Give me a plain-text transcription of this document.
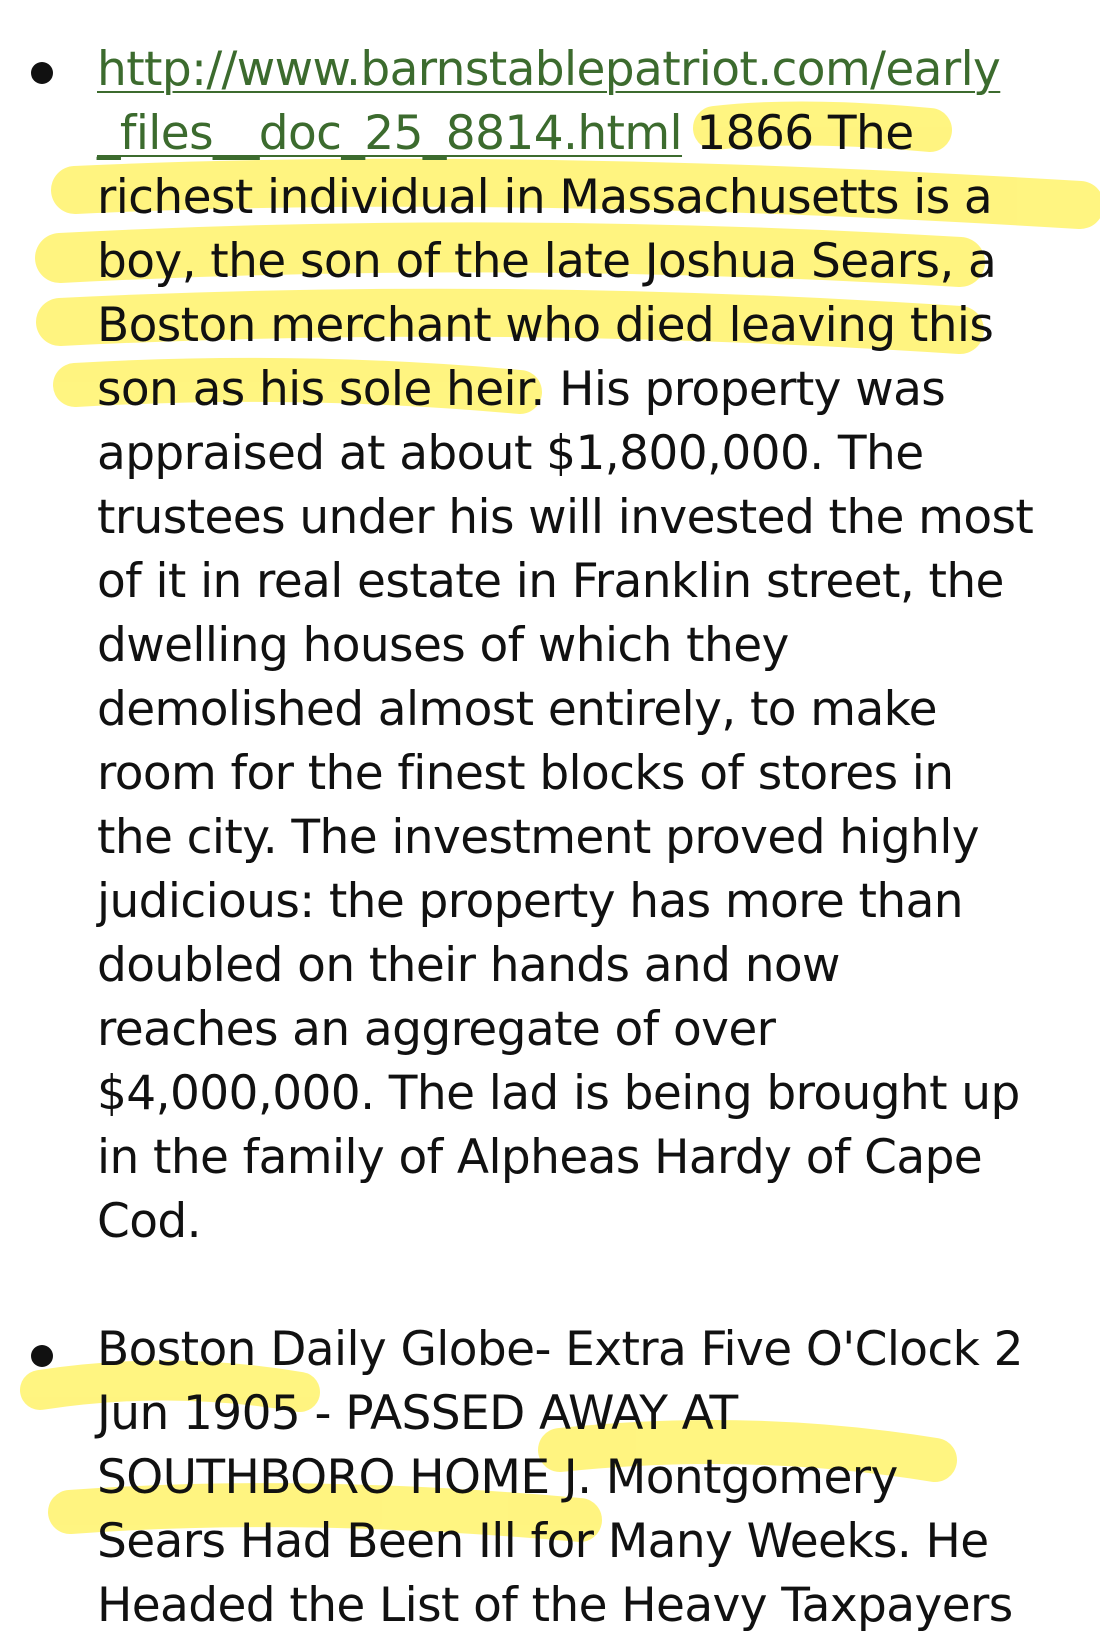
http://www.barnstablepatriot.com/early
_files__doc_25_8814.html 1866 The
richest individual in Massachusetts is a
boy, the son of the late Joshua Sears, a
Boston merchant who died leaving this
son as his sole heir. His property was
appraised at about $1,800,000. The
trustees under his will invested the most
of it in real estate in Franklin street, the
dwelling houses of which they
demolished almost entirely, to make
room for the finest blocks of stores in
the city. The investment proved highly
judicious: the property has more than
doubled on their hands and now
reaches an aggregate of over
$4,000,000. The lad is being brought up
in the family of Alpheas Hardy of Cape
Cod.

Boston Daily Globe- Extra Five O'Clock 2
Jun 1905 - PASSED AWAY AT
SOUTHBORO HOME J. Montgomery
Sears Had Been Ill for Many Weeks. He
Headed the List of the Heavy Taxpayers
